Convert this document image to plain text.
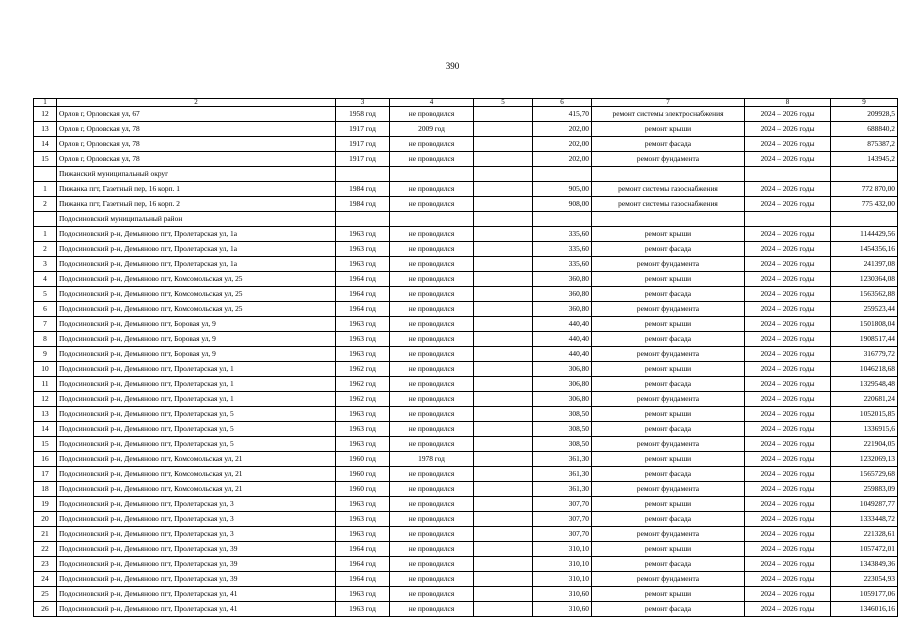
390
1	2	3	4	5	6	7	8	9
12	Орлов г, Орловская ул, 67	1958 год	не проводился		415,70	ремонт системы электроснабжения	2024 – 2026 годы	209928,5
13	Орлов г, Орловская ул, 78	1917 год	2009 год		202,00	ремонт крыши	2024 – 2026 годы	688840,2
14	Орлов г, Орловская ул, 78	1917 год	не проводился		202,00	ремонт фасада	2024 – 2026 годы	875387,2
15	Орлов г, Орловская ул, 78	1917 год	не проводился		202,00	ремонт фундамента	2024 – 2026 годы	143945,2
	Пижанский муниципальный округ							
1	Пижанка пгт, Газетный пер, 16 корп. 1	1984 год	не проводился		905,00	ремонт системы газоснабжения	2024 – 2026 годы	772 870,00
2	Пижанка пгт, Газетный пер, 16 корп. 2	1984 год	не проводился		908,00	ремонт системы газоснабжения	2024 – 2026 годы	775 432,00
	Подосиновский муниципальный район							
1	Подосиновский р-н, Демьяново пгт, Пролетарская ул, 1а	1963 год	не проводился		335,60	ремонт крыши	2024 – 2026 годы	1144429,56
2	Подосиновский р-н, Демьяново пгт, Пролетарская ул, 1а	1963 год	не проводился		335,60	ремонт фасада	2024 – 2026 годы	1454356,16
3	Подосиновский р-н, Демьяново пгт, Пролетарская ул, 1а	1963 год	не проводился		335,60	ремонт фундамента	2024 – 2026 годы	241397,08
4	Подосиновский р-н, Демьяново пгт, Комсомольская ул, 25	1964 год	не проводился		360,80	ремонт крыши	2024 – 2026 годы	1230364,08
5	Подосиновский р-н, Демьяново пгт, Комсомольская ул, 25	1964 год	не проводился		360,80	ремонт фасада	2024 – 2026 годы	1563562,88
6	Подосиновский р-н, Демьяново пгт, Комсомольская ул, 25	1964 год	не проводился		360,80	ремонт фундамента	2024 – 2026 годы	259523,44
7	Подосиновский р-н, Демьяново пгт, Боровая ул, 9	1963 год	не проводился		440,40	ремонт крыши	2024 – 2026 годы	1501808,04
8	Подосиновский р-н, Демьяново пгт, Боровая ул, 9	1963 год	не проводился		440,40	ремонт фасада	2024 – 2026 годы	1908517,44
9	Подосиновский р-н, Демьяново пгт, Боровая ул, 9	1963 год	не проводился		440,40	ремонт фундамента	2024 – 2026 годы	316779,72
10	Подосиновский р-н, Демьяново пгт, Пролетарская ул, 1	1962 год	не проводился		306,80	ремонт крыши	2024 – 2026 годы	1046218,68
11	Подосиновский р-н, Демьяново пгт, Пролетарская ул, 1	1962 год	не проводился		306,80	ремонт фасада	2024 – 2026 годы	1329548,48
12	Подосиновский р-н, Демьяново пгт, Пролетарская ул, 1	1962 год	не проводился		306,80	ремонт фундамента	2024 – 2026 годы	220681,24
13	Подосиновский р-н, Демьяново пгт, Пролетарская ул, 5	1963 год	не проводился		308,50	ремонт крыши	2024 – 2026 годы	1052015,85
14	Подосиновский р-н, Демьяново пгт, Пролетарская ул, 5	1963 год	не проводился		308,50	ремонт фасада	2024 – 2026 годы	1336915,6
15	Подосиновский р-н, Демьяново пгт, Пролетарская ул, 5	1963 год	не проводился		308,50	ремонт фундамента	2024 – 2026 годы	221904,05
16	Подосиновский р-н, Демьяново пгт, Комсомольская ул, 21	1960 год	1978 год		361,30	ремонт крыши	2024 – 2026 годы	1232069,13
17	Подосиновский р-н, Демьяново пгт, Комсомольская ул, 21	1960 год	не проводился		361,30	ремонт фасада	2024 – 2026 годы	1565729,68
18	Подосиновский р-н, Демьяново пгт, Комсомольская ул, 21	1960 год	не проводился		361,30	ремонт фундамента	2024 – 2026 годы	259883,09
19	Подосиновский р-н, Демьяново пгт, Пролетарская ул, 3	1963 год	не проводился		307,70	ремонт крыши	2024 – 2026 годы	1049287,77
20	Подосиновский р-н, Демьяново пгт, Пролетарская ул, 3	1963 год	не проводился		307,70	ремонт фасада	2024 – 2026 годы	1333448,72
21	Подосиновский р-н, Демьяново пгт, Пролетарская ул, 3	1963 год	не проводился		307,70	ремонт фундамента	2024 – 2026 годы	221328,61
22	Подосиновский р-н, Демьяново пгт, Пролетарская ул, 39	1964 год	не проводился		310,10	ремонт крыши	2024 – 2026 годы	1057472,01
23	Подосиновский р-н, Демьяново пгт, Пролетарская ул, 39	1964 год	не проводился		310,10	ремонт фасада	2024 – 2026 годы	1343849,36
24	Подосиновский р-н, Демьяново пгт, Пролетарская ул, 39	1964 год	не проводился		310,10	ремонт фундамента	2024 – 2026 годы	223054,93
25	Подосиновский р-н, Демьяново пгт, Пролетарская ул, 41	1963 год	не проводился		310,60	ремонт крыши	2024 – 2026 годы	1059177,06
26	Подосиновский р-н, Демьяново пгт, Пролетарская ул, 41	1963 год	не проводился		310,60	ремонт фасада	2024 – 2026 годы	1346016,16
